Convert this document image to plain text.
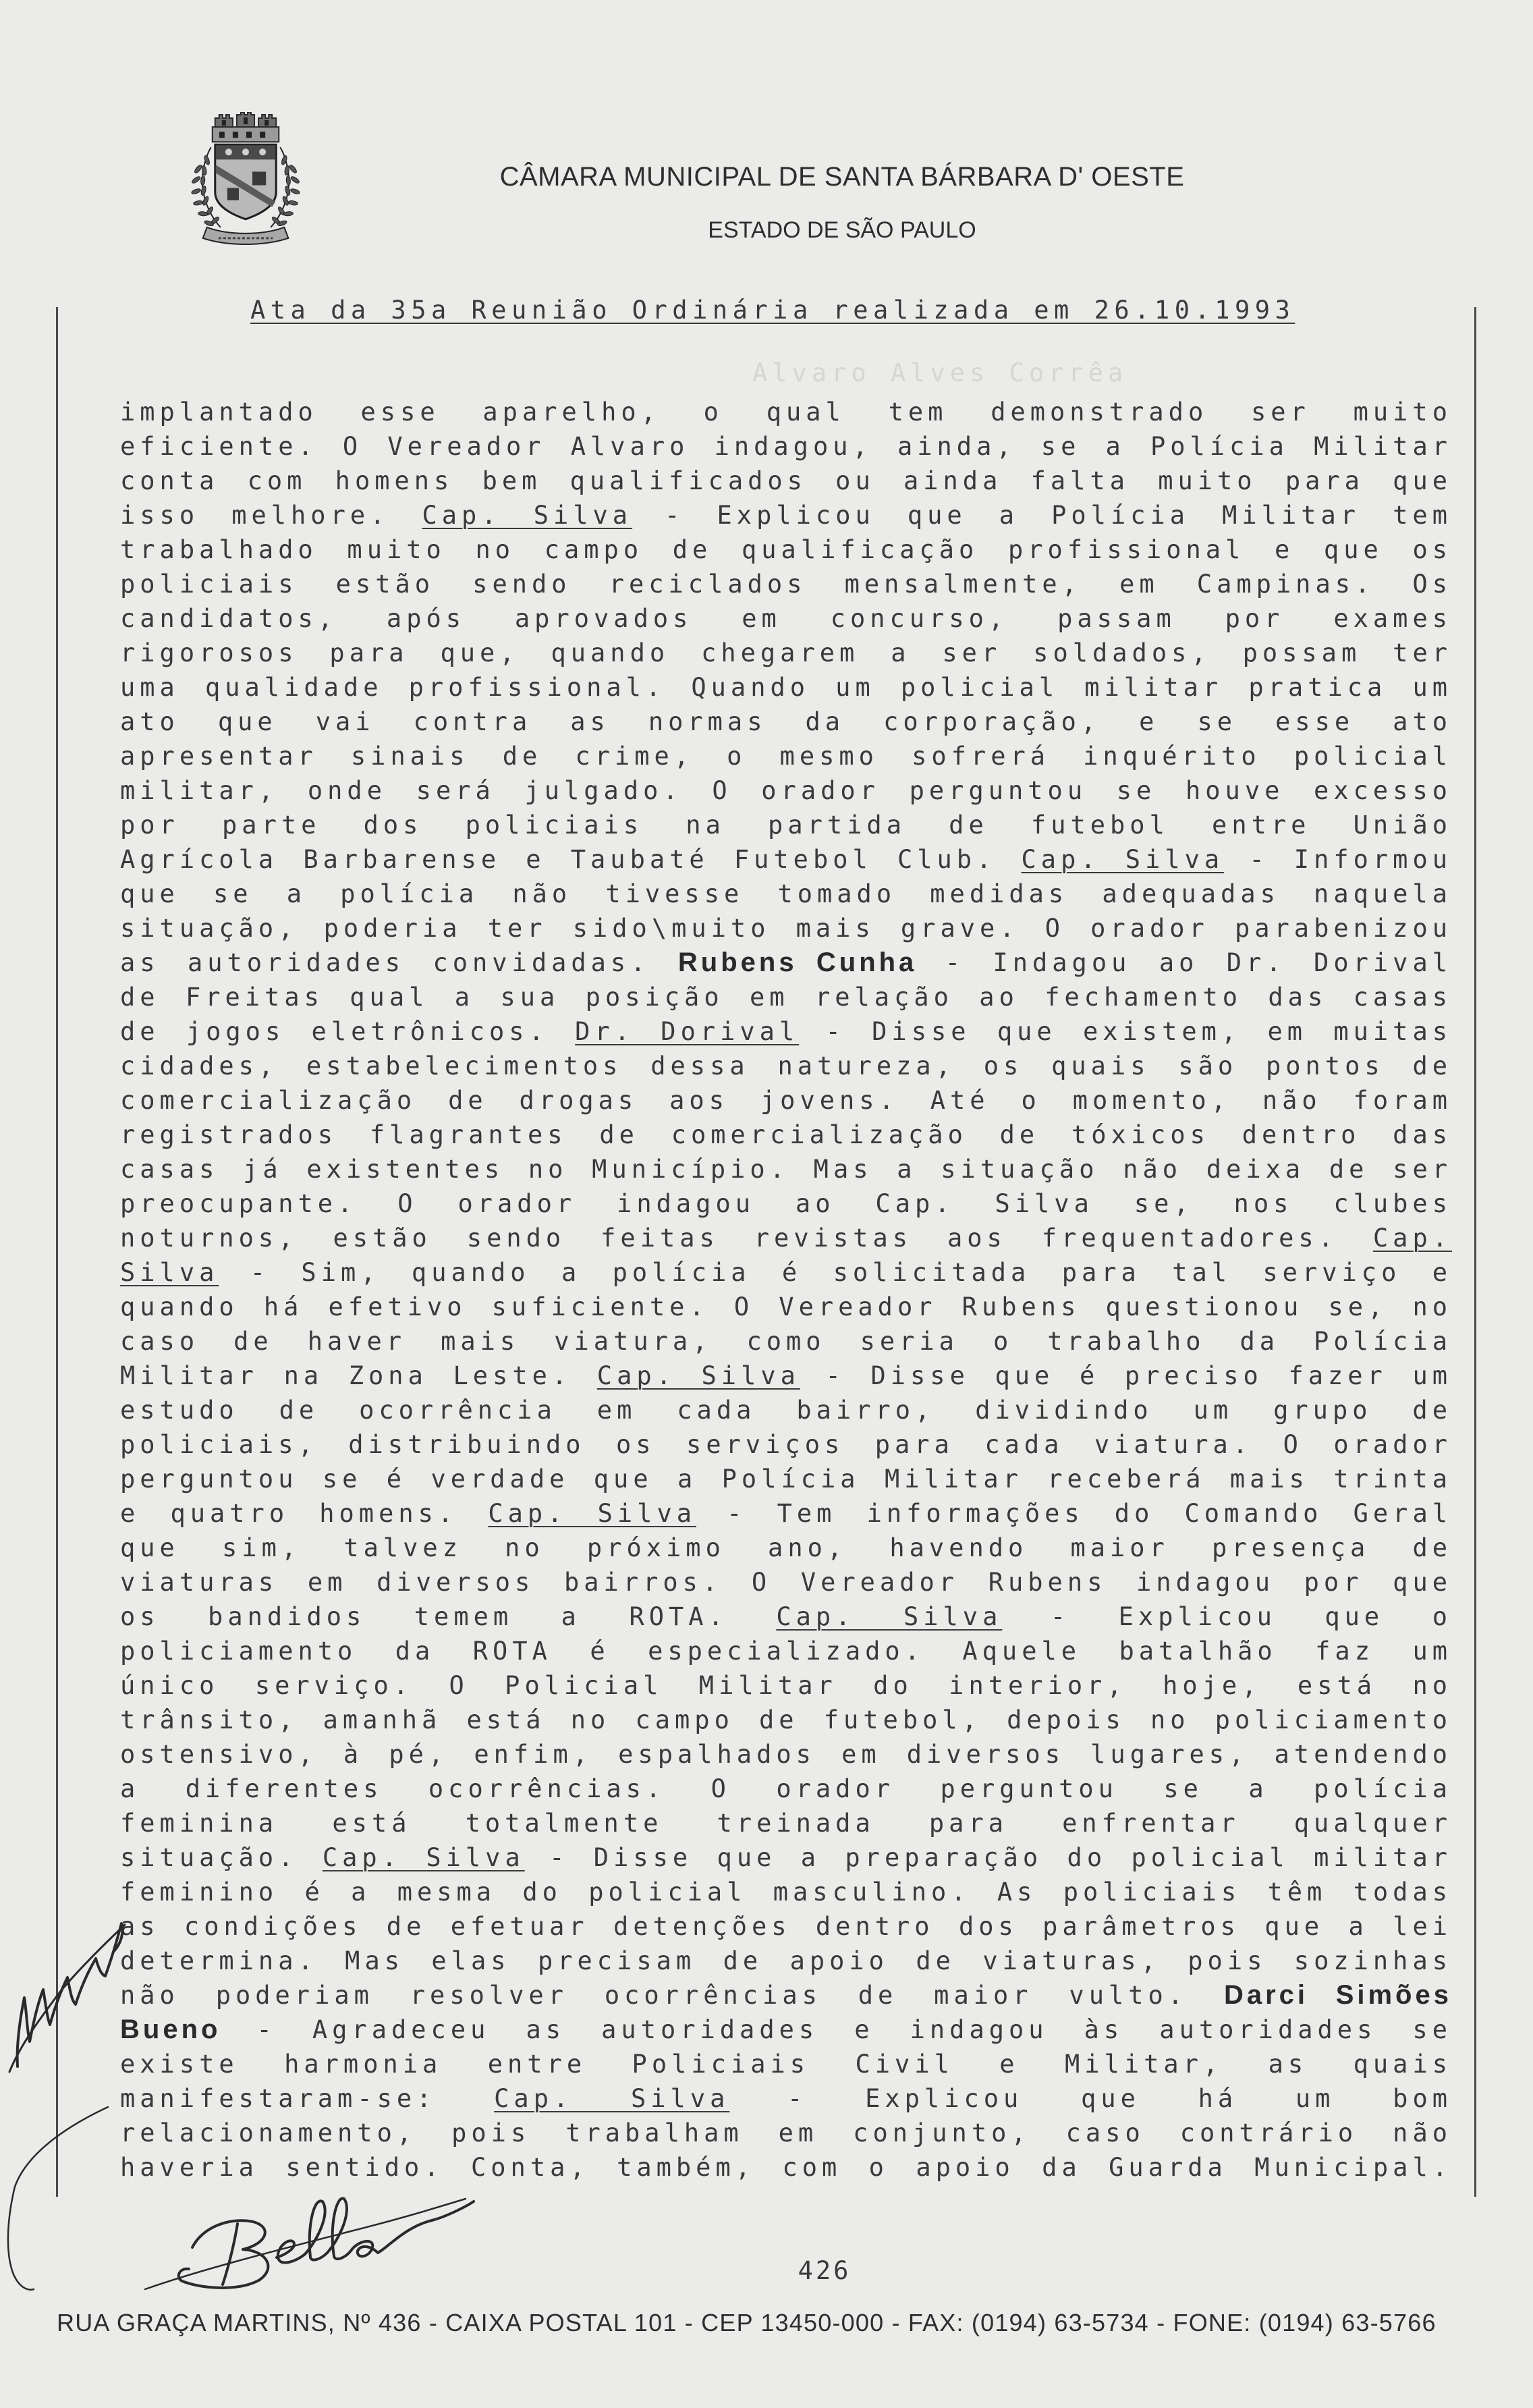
CÂMARA MUNICIPAL DE SANTA BÁRBARA D' OESTE
ESTADO DE SÃO PAULO
Ata da 35a Reunião Ordinária realizada em 26.10.1993
Alvaro Alves Corrêa
implantado esse aparelho, o qual tem demonstrado ser muito
eficiente. O Vereador Alvaro indagou, ainda, se a Polícia Militar
conta com homens bem qualificados ou ainda falta muito para que
isso melhore. Cap. Silva - Explicou que a Polícia Militar tem
trabalhado muito no campo de qualificação profissional e que os
policiais estão sendo reciclados mensalmente, em Campinas. Os
candidatos, após aprovados em concurso, passam por exames
rigorosos para que, quando chegarem a ser soldados, possam ter
uma qualidade profissional. Quando um policial militar pratica um
ato que vai contra as normas da corporação, e se esse ato
apresentar sinais de crime, o mesmo sofrerá inquérito policial
militar, onde será julgado. O orador perguntou se houve excesso
por parte dos policiais na partida de futebol entre União
Agrícola Barbarense e Taubaté Futebol Club. Cap. Silva - Informou
que se a polícia não tivesse tomado medidas adequadas naquela
situação, poderia ter sido\muito mais grave. O orador parabenizou
as autoridades convidadas. Rubens Cunha - Indagou ao Dr. Dorival
de Freitas qual a sua posição em relação ao fechamento das casas
de jogos eletrônicos. Dr. Dorival - Disse que existem, em muitas
cidades, estabelecimentos dessa natureza, os quais são pontos de
comercialização de drogas aos jovens. Até o momento, não foram
registrados flagrantes de comercialização de tóxicos dentro das
casas já existentes no Município. Mas a situação não deixa de ser
preocupante. O orador indagou ao Cap. Silva se, nos clubes
noturnos, estão sendo feitas revistas aos frequentadores. Cap.
Silva - Sim, quando a polícia é solicitada para tal serviço e
quando há efetivo suficiente. O Vereador Rubens questionou se, no
caso de haver mais viatura, como seria o trabalho da Polícia
Militar na Zona Leste. Cap. Silva - Disse que é preciso fazer um
estudo de ocorrência em cada bairro, dividindo um grupo de
policiais, distribuindo os serviços para cada viatura. O orador
perguntou se é verdade que a Polícia Militar receberá mais trinta
e quatro homens. Cap. Silva - Tem informações do Comando Geral
que sim, talvez no próximo ano, havendo maior presença de
viaturas em diversos bairros. O Vereador Rubens indagou por que
os bandidos temem a ROTA. Cap. Silva - Explicou que o
policiamento da ROTA é especializado. Aquele batalhão faz um
único serviço. O Policial Militar do interior, hoje, está no
trânsito, amanhã está no campo de futebol, depois no policiamento
ostensivo, à pé, enfim, espalhados em diversos lugares, atendendo
a diferentes ocorrências. O orador perguntou se a polícia
feminina está totalmente treinada para enfrentar qualquer
situação. Cap. Silva - Disse que a preparação do policial militar
feminino é a mesma do policial masculino. As policiais têm todas
as condições de efetuar detenções dentro dos parâmetros que a lei
determina. Mas elas precisam de apoio de viaturas, pois sozinhas
não poderiam resolver ocorrências de maior vulto. Darci Simões
Bueno - Agradeceu as autoridades e indagou às autoridades se
existe harmonia entre Policiais Civil e Militar, as quais
manifestaram-se: Cap. Silva - Explicou que há um bom
relacionamento, pois trabalham em conjunto, caso contrário não
haveria sentido. Conta, também, com o apoio da Guarda Municipal.
426
RUA GRAÇA MARTINS, Nº 436 - CAIXA POSTAL 101 - CEP 13450-000 - FAX: (0194) 63-5734 - FONE: (0194) 63-5766
